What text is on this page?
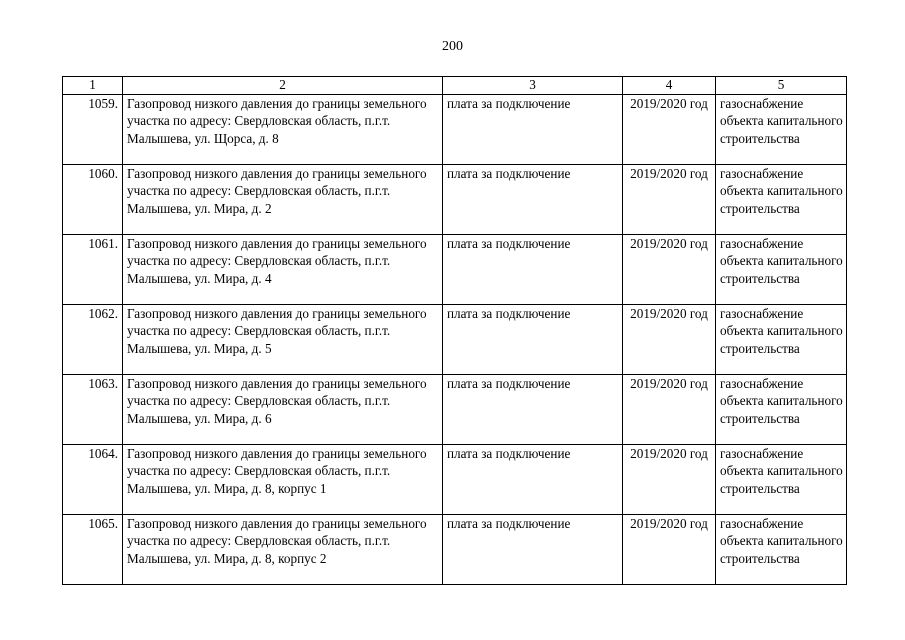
200
1	2	3	4	5
1059.	Газопровод низкого давления до границы земельного участка по адресу: Свердловская область, п.г.т. Малышева, ул. Щорса, д. 8	плата за подключение	2019/2020 год	газоснабжение объекта капитального строительства
1060.	Газопровод низкого давления до границы земельного участка по адресу: Свердловская область, п.г.т. Малышева, ул. Мира, д. 2	плата за подключение	2019/2020 год	газоснабжение объекта капитального строительства
1061.	Газопровод низкого давления до границы земельного участка по адресу: Свердловская область, п.г.т. Малышева, ул. Мира, д. 4	плата за подключение	2019/2020 год	газоснабжение объекта капитального строительства
1062.	Газопровод низкого давления до границы земельного участка по адресу: Свердловская область, п.г.т. Малышева, ул. Мира, д. 5	плата за подключение	2019/2020 год	газоснабжение объекта капитального строительства
1063.	Газопровод низкого давления до границы земельного участка по адресу: Свердловская область, п.г.т. Малышева, ул. Мира, д. 6	плата за подключение	2019/2020 год	газоснабжение объекта капитального строительства
1064.	Газопровод низкого давления до границы земельного участка по адресу: Свердловская область, п.г.т. Малышева, ул. Мира, д. 8, корпус 1	плата за подключение	2019/2020 год	газоснабжение объекта капитального строительства
1065.	Газопровод низкого давления до границы земельного участка по адресу: Свердловская область, п.г.т. Малышева, ул. Мира, д. 8, корпус 2	плата за подключение	2019/2020 год	газоснабжение объекта капитального строительства
